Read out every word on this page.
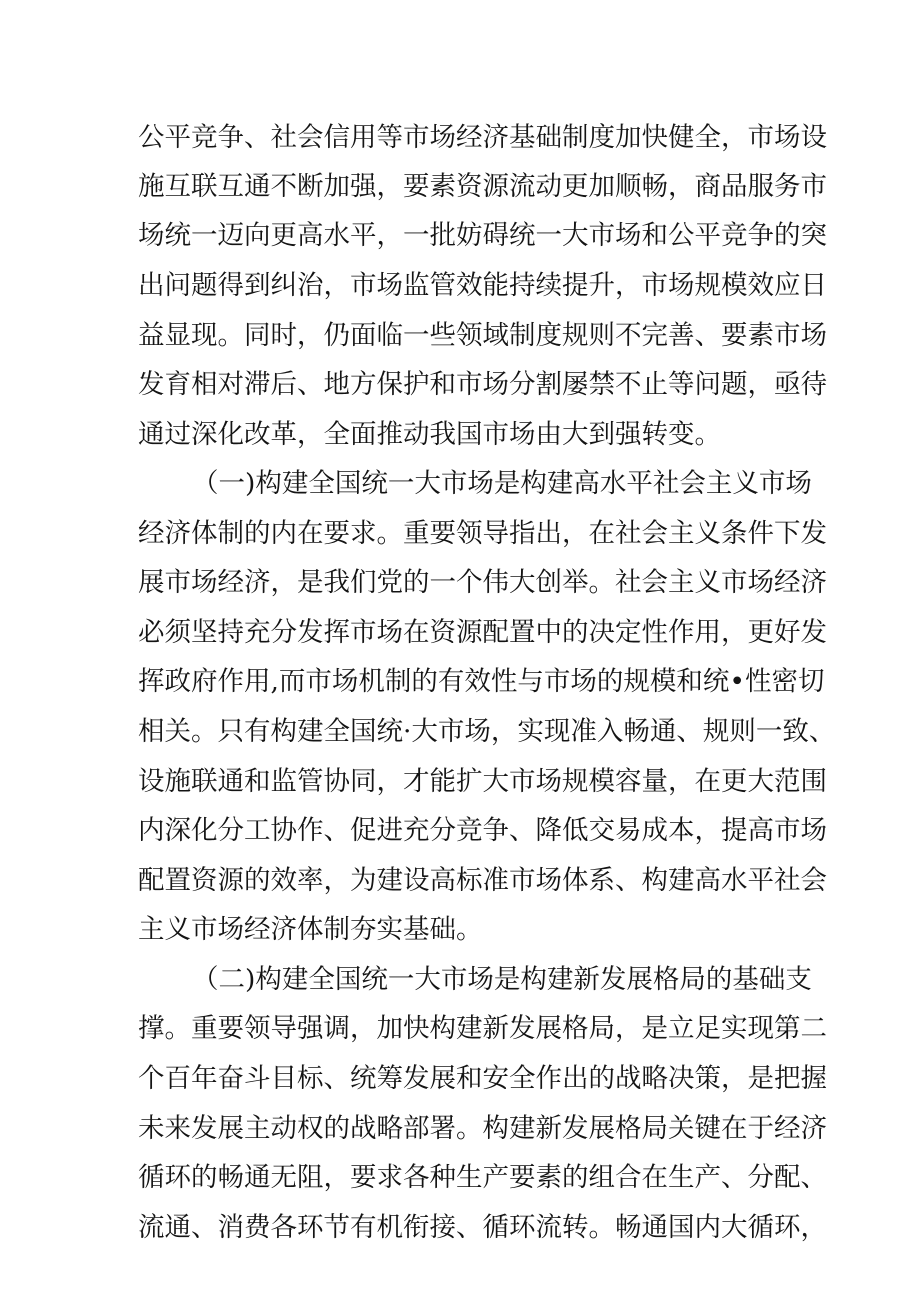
公平竞争、社会信用等市场经济基础制度加快健全，市场设
施互联互通不断加强，要素资源流动更加顺畅，商品服务市
场统一迈向更高水平，一批妨碍统一大市场和公平竞争的突
出问题得到纠治，市场监管效能持续提升，市场规模效应日
益显现。同时，仍面临一些领域制度规则不完善、要素市场
发育相对滞后、地方保护和市场分割屡禁不止等问题，亟待
通过深化改革，全面推动我国市场由大到强转变。
（一)构建全国统一大市场是构建高水平社会主义市场
经济体制的内在要求。重要领导指出，在社会主义条件下发
展市场经济，是我们党的一个伟大创举。社会主义市场经济
必须坚持充分发挥市场在资源配置中的决定性作用，更好发
挥政府作用,而市场机制的有效性与市场的规模和统•性密切
相关。只有构建全国统·大市场，实现准入畅通、规则一致、
设施联通和监管协同，才能扩大市场规模容量，在更大范围
内深化分工协作、促进充分竞争、降低交易成本，提高市场
配置资源的效率，为建设高标准市场体系、构建高水平社会
主义市场经济体制夯实基础。
（二)构建全国统一大市场是构建新发展格局的基础支
撑。重要领导强调，加快构建新发展格局，是立足实现第二
个百年奋斗目标、统筹发展和安全作出的战略决策，是把握
未来发展主动权的战略部署。构建新发展格局关键在于经济
循环的畅通无阻，要求各种生产要素的组合在生产、分配、
流通、消费各环节有机衔接、循环流转。畅通国内大循环，
